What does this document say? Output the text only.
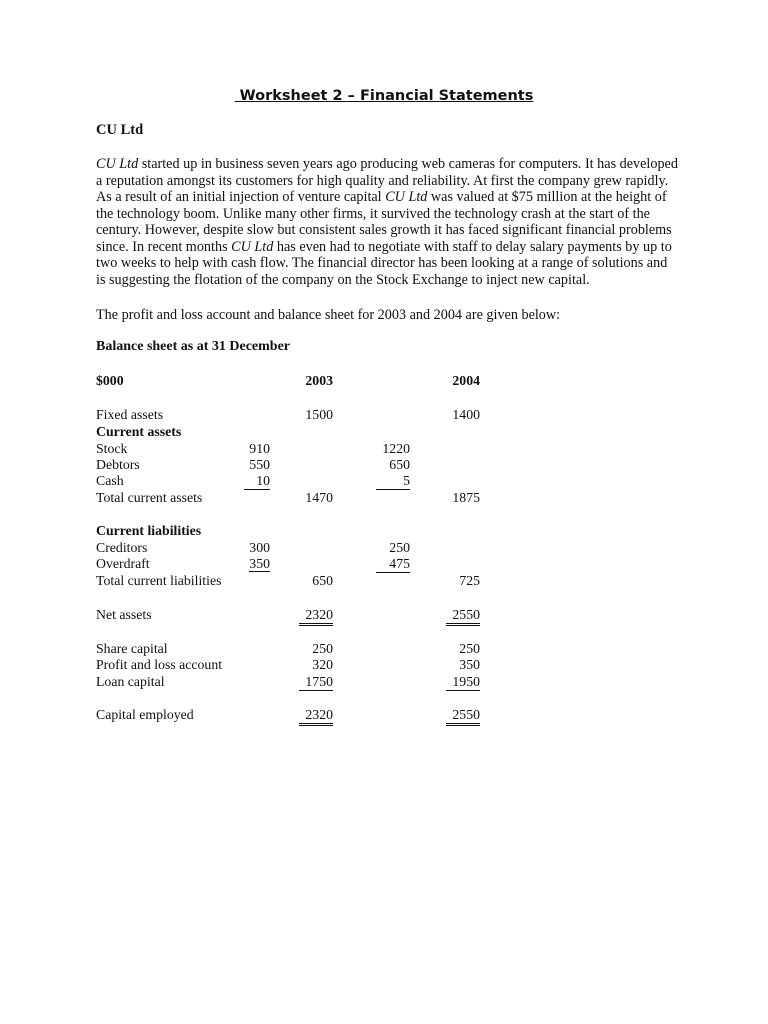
Worksheet 2 – Financial Statements
CU Ltd
CU Ltd started up in business seven years ago producing web cameras for computers. It has developed
a reputation amongst its customers for high quality and reliability. At first the company grew rapidly.
As a result of an initial injection of venture capital CU Ltd was valued at $75 million at the height of
the technology boom. Unlike many other firms, it survived the technology crash at the start of the
century. However, despite slow but consistent sales growth it has faced significant financial problems
since. In recent months CU Ltd has even had to negotiate with staff to delay salary payments by up to
two weeks to help with cash flow. The financial director has been looking at a range of solutions and
is suggesting the flotation of the company on the Stock Exchange to inject new capital.
The profit and loss account and balance sheet for 2003 and 2004 are given below:
Balance sheet as at 31 December
$000	2003	2004
Fixed assets	1500	1400
Current assets
Stock	910	1220
Debtors	550	650
Cash	10	5
Total current assets	1470	1875
Current liabilities
Creditors	300	250
Overdraft	350	475
Total current liabilities	650	725
Net assets	2320	2550
Share capital	250	250
Profit and loss account	320	350
Loan capital	1750	1950
Capital employed	2320	2550
